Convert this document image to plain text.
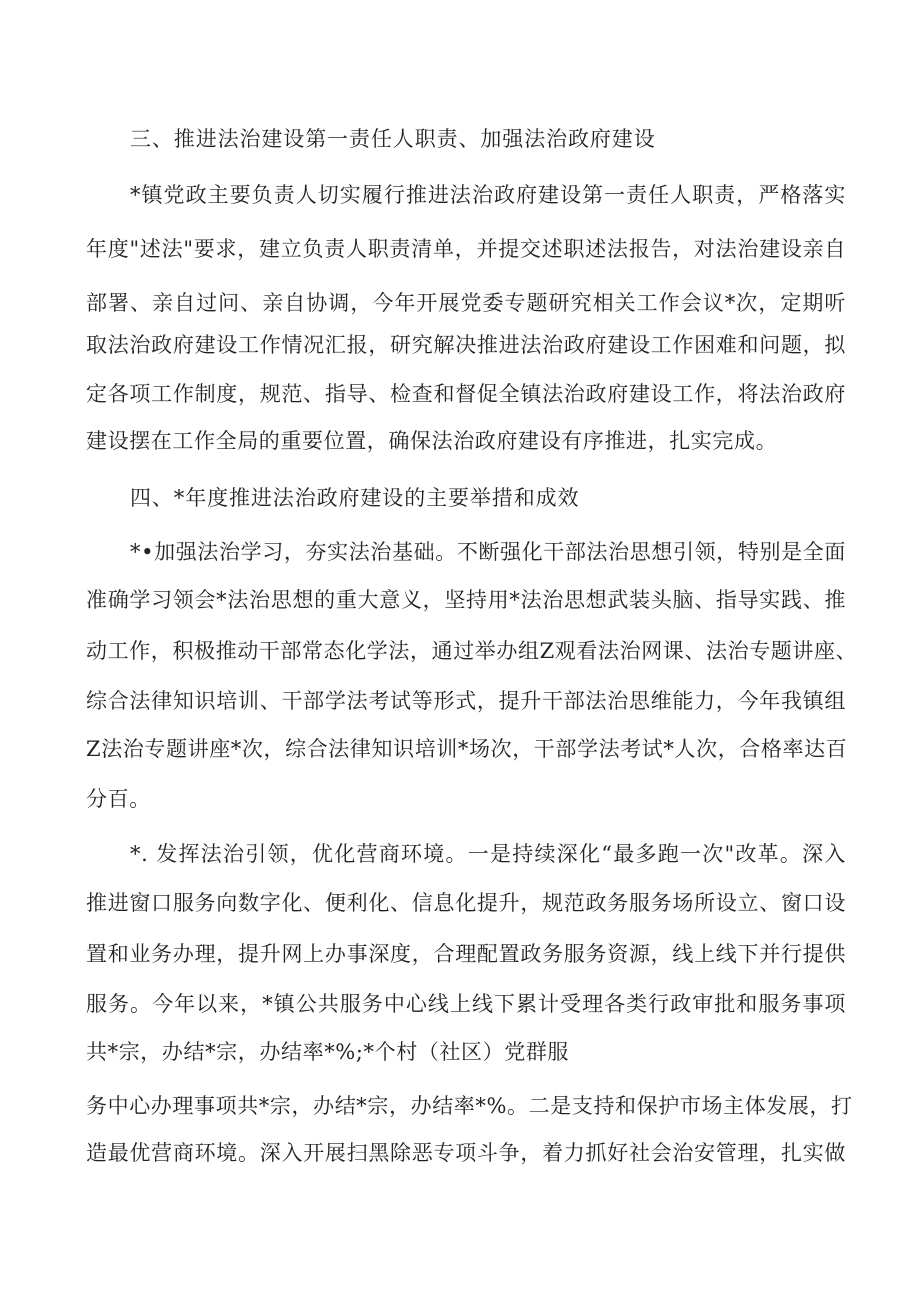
三、推进法治建设第一责任人职责、加强法治政府建设
*镇党政主要负责人切实履行推进法治政府建设第一责任人职责，严格落实
年度"述法"要求，建立负责人职责清单，并提交述职述法报告，对法治建设亲自
部署、亲自过问、亲自协调，今年开展党委专题研究相关工作会议*次，定期听
取法治政府建设工作情况汇报，研究解决推进法治政府建设工作困难和问题，拟
定各项工作制度，规范、指导、检查和督促全镇法治政府建设工作，将法治政府
建设摆在工作全局的重要位置，确保法治政府建设有序推进，扎实完成。
四、*年度推进法治政府建设的主要举措和成效
*•加强法治学习，夯实法治基础。不断强化干部法治思想引领，特别是全面
准确学习领会*法治思想的重大意义，坚持用*法治思想武装头脑、指导实践、推
动工作，积极推动干部常态化学法，通过举办组Z观看法治网课、法治专题讲座、
综合法律知识培训、干部学法考试等形式，提升干部法治思维能力，今年我镇组
Z法治专题讲座*次，综合法律知识培训*场次，干部学法考试*人次，合格率达百
分百。
*. 发挥法治引领，优化营商环境。一是持续深化“最多跑一次"改革。深入
推进窗口服务向数字化、便利化、信息化提升，规范政务服务场所设立、窗口设
置和业务办理，提升网上办事深度，合理配置政务服务资源，线上线下并行提供
服务。今年以来，*镇公共服务中心线上线下累计受理各类行政审批和服务事项
共*宗，办结*宗，办结率*%;*个村（社区）党群服
务中心办理事项共*宗，办结*宗，办结率*%。二是支持和保护市场主体发展，打
造最优营商环境。深入开展扫黑除恶专项斗争，着力抓好社会治安管理，扎实做
